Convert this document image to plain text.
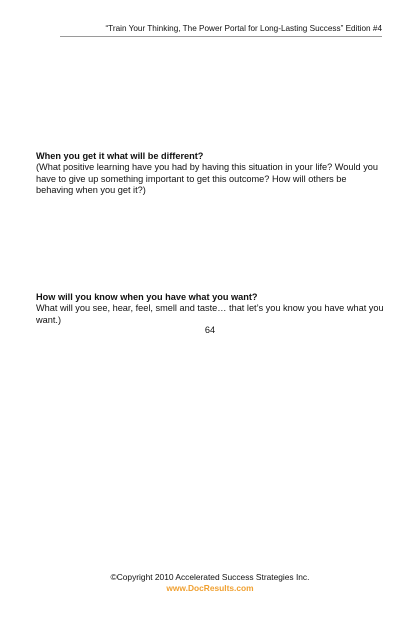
“Train Your Thinking, The Power Portal for Long-Lasting Success” Edition #4

When you get it what will be different?

(What positive learning have you had by having this situation in your life? Would you have to give up something important to get this outcome? How will others be behaving when you get it?)

How will you know when you have what you want?

What will you see, hear, feel, smell and taste… that let’s you know you have what you want.)

64
©Copyright 2010 Accelerated Success Strategies Inc.
www.DocResults.com
